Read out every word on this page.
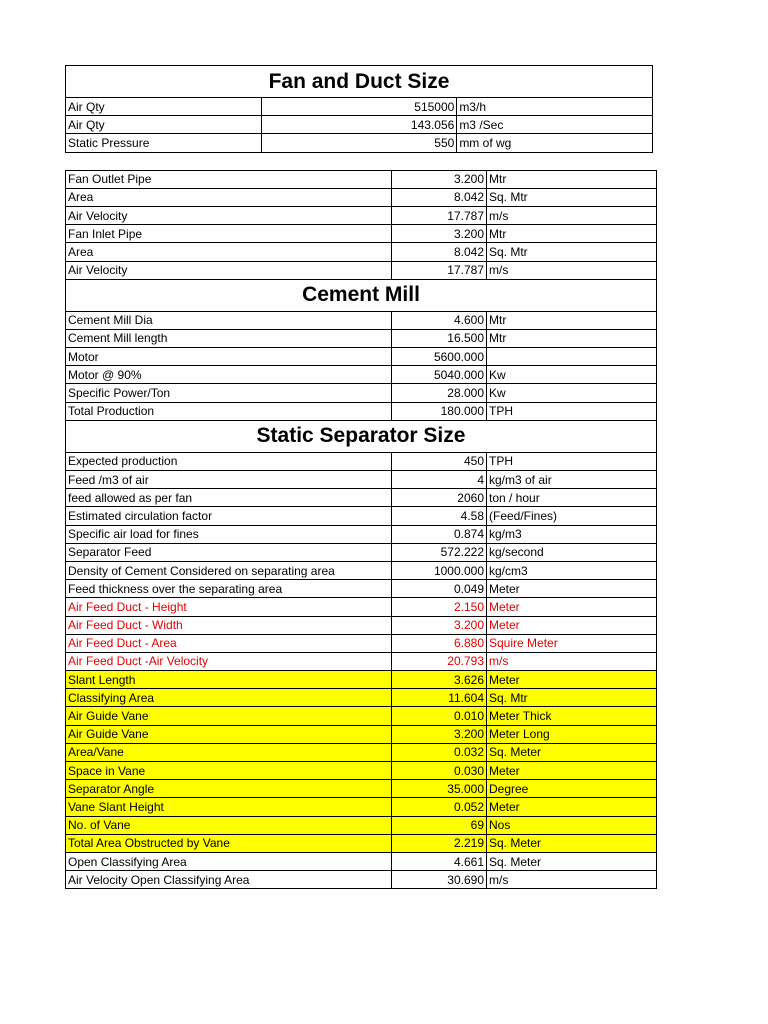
Fan and Duct Size		
Air Qty	515000	m3/h
Air Qty	143.056	m3 /Sec
Static Pressure	550	mm of wg
Fan Outlet Pipe	3.200	Mtr
Area	8.042	Sq. Mtr
Air Velocity	17.787	m/s
Fan Inlet Pipe	3.200	Mtr
Area	8.042	Sq. Mtr
Air Velocity	17.787	m/s
Cement Mill		
Cement Mill Dia	4.600	Mtr
Cement Mill length	16.500	Mtr
Motor	5600.000	
Motor @ 90%	5040.000	Kw
Specific Power/Ton	28.000	Kw
Total Production	180.000	TPH
Static Separator Size		
Expected production	450	TPH
Feed /m3 of air	4	kg/m3 of air
feed allowed as per fan	2060	ton / hour
Estimated circulation factor	4.58	(Feed/Fines)
Specific air load for fines	0.874	kg/m3
Separator Feed	572.222	kg/second
Density of Cement Considered on separating area	1000.000	kg/cm3
Feed thickness over the separating area	0.049	Meter
Air Feed Duct - Height	2.150	Meter
Air Feed Duct - Width	3.200	Meter
Air Feed Duct - Area	6.880	Squire Meter
Air Feed Duct -Air Velocity	20.793	m/s
Slant Length	3.626	Meter
Classifying Area	11.604	Sq. Mtr
Air Guide Vane	0.010	Meter Thick
Air Guide Vane	3.200	Meter Long
Area/Vane	0.032	Sq. Meter
Space in Vane	0.030	Meter
Separator Angle	35.000	Degree
Vane Slant Height	0.052	Meter
No. of Vane	69	Nos
Total Area Obstructed by Vane	2.219	Sq. Meter
Open Classifying Area	4.661	Sq. Meter
Air Velocity Open Classifying Area	30.690	m/s
